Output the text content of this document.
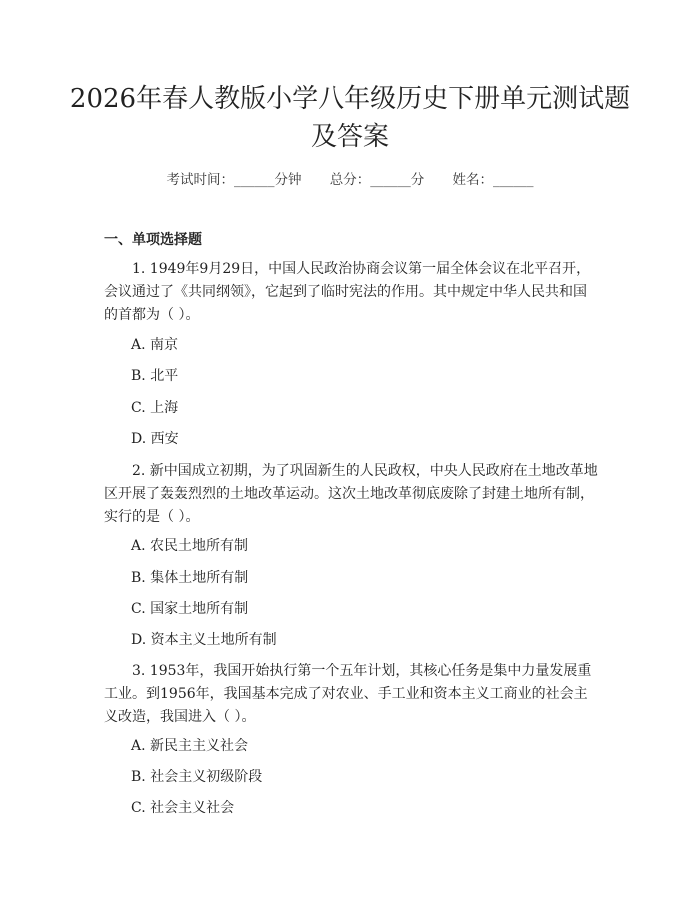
2026年春人教版小学八年级历史下册单元测试题及答案
考试时间：______分钟 总分：______分 姓名：______
一、单项选择题
1. 1949年9月29日，中国人民政治协商会议第一届全体会议在北平召开，会议通过了《共同纲领》，它起到了临时宪法的作用。其中规定中华人民共和国的首都为（ ）。
A. 南京
B. 北平
C. 上海
D. 西安
2. 新中国成立初期，为了巩固新生的人民政权，中央人民政府在土地改革地区开展了轰轰烈烈的土地改革运动。这次土地改革彻底废除了封建土地所有制，实行的是（ ）。
A. 农民土地所有制
B. 集体土地所有制
C. 国家土地所有制
D. 资本主义土地所有制
3. 1953年，我国开始执行第一个五年计划，其核心任务是集中力量发展重工业。到1956年，我国基本完成了对农业、手工业和资本主义工商业的社会主义改造，我国进入（ ）。
A. 新民主主义社会
B. 社会主义初级阶段
C. 社会主义社会
